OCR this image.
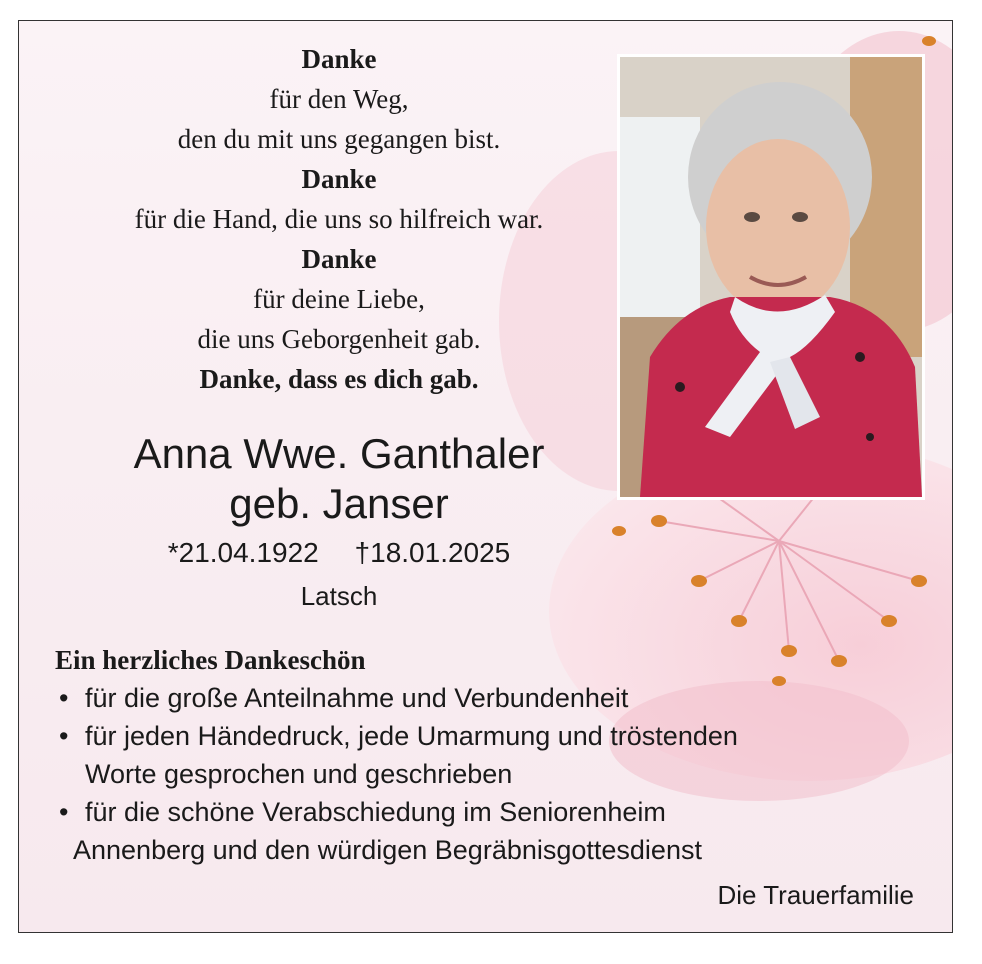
Danke
für den Weg,
den du mit uns gegangen bist.
Danke
für die Hand, die uns so hilfreich war.
Danke
für deine Liebe,
die uns Geborgenheit gab.
Danke, dass es dich gab.
Anna Wwe. Ganthaler
geb. Janser
*21.04.1922 †18.01.2025
Latsch
Ein herzliches Dankeschön
• für die große Anteilnahme und Verbundenheit
• für jeden Händedruck, jede Umarmung und tröstenden
Worte gesprochen und geschrieben
• für die schöne Verabschiedung im Seniorenheim
Annenberg und den würdigen Begräbnisgottesdienst
Die Trauerfamilie
